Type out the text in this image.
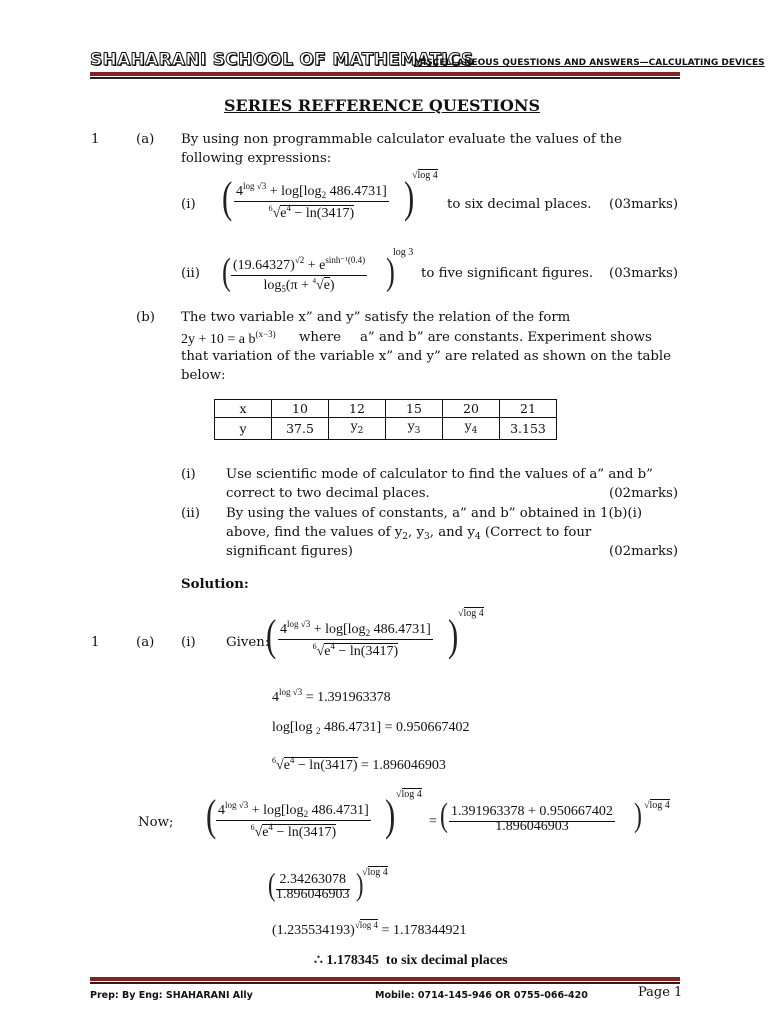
SHAHARANI SCHOOL OF MATHEMATICS
MISCELLANEOUS QUESTIONS AND ANSWERS—CALCULATING DEVICES
SERIES REFFERENCE QUESTIONS
1	(a) By using non programmable calculator evaluate the values of the
following expressions:
(i) ( $4^{log √3} + \log[\log_2$ 486.4731]
$^6√e^4 - \ln(3417)$ )
√log 4
to six decimal places. (03marks)
(ii) ( $(19.64327)^{√2} + e^{sinh^{-1}(0.4)}$
$\log_5(\pi + ^4√e)$ )
log 3
to five significant figures. (03marks)
(b) The two variable x” and y” satisfy the relation of the form
2y + 10 = a $b^{(x-3)}$ where a” and b” are constants. Experiment shows
that variation of the variable x” and y” are related as shown on the table
below:
x	10	12	15	20	21
y	37.5	$y_2$	$y_3$	$y_4$	3.153
(i) Use scientific mode of calculator to find the values of a” and b”
correct to two decimal places.	(02marks)
(ii) By using the values of constants, a” and b” obtained in 1(b)(i)
above, find the values of $y_2$, $y_3$, and $y_4$ (Correct to four
significant figures)	(02marks)
Solution:
1	(a) (i) Given:
( $4^{log √3} + \log[\log_2$ 486.4731]
$^6√e^4 - \ln(3417)$ ) √log 4
$4^{log √3} = 1.391963378$
log[log $_2$ 486.4731] = 0.950667402
$^6√e^4 - \ln(3417) = 1.896046903$
Now; ( $4^{log √3} + \log[\log_2$ 486.4731]
$^6√e^4 - \ln(3417)$ ) √log 4
= ( 1.391963378 + 0.950667402
1.896046903 ) √log 4
( 2.34263078
1.896046903 )
√log 4
$(1.235534193)^{√log 4} = 1.178344921$
∴ 1.178345 to six decimal places
Prep: By Eng: SHAHARANI Ally	Mobile: 0714-145-946 OR 0755-066-420	Page 1
